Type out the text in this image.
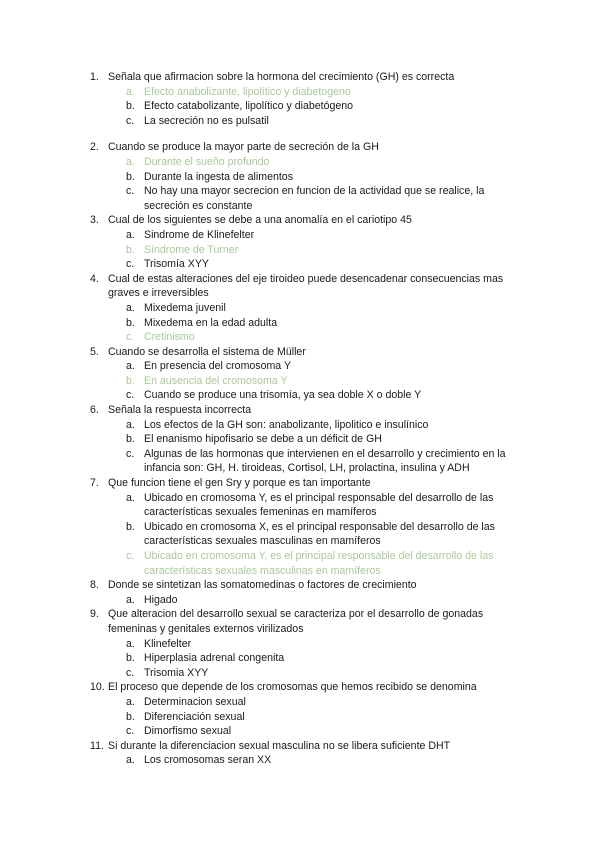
1. Señala que afirmacion sobre la hormona del crecimiento (GH) es correcta
a. Efecto anabolizante, lipolítico y diabetogeno
b. Efecto catabolizante, lipolítico y diabetógeno
c. La secreción no es pulsatil
2. Cuando se produce la mayor parte de secreción de la GH
a. Durante el sueño profundo
b. Durante la ingesta de alimentos
c. No hay una mayor secrecion en funcion de la actividad que se realice, la secreción es constante
3. Cual de los siguientes se debe a una anomalía en el cariotipo 45
a. Sindrome de Klinefelter
b. Síndrome de Turner
c. Trisomía XYY
4. Cual de estas alteraciones del eje tiroideo puede desencadenar consecuencias mas graves e irreversibles
a. Mixedema juvenil
b. Mixedema en la edad adulta
c. Cretinismo
5. Cuando se desarrolla el sistema de Müller
a. En presencia del cromosoma Y
b. En ausencia del cromosoma Y
c. Cuando se produce una trisomía, ya sea doble X o doble Y
6. Señala la respuesta incorrecta
a. Los efectos de la GH son: anabolizante, lipolitico e insulínico
b. El enanismo hipofisario se debe a un déficit de GH
c. Algunas de las hormonas que intervienen en el desarrollo y crecimiento en la infancia son: GH, H. tiroideas, Cortisol, LH, prolactina, insulina y ADH
7. Que funcion tiene el gen Sry y porque es tan importante
a. Ubicado en cromosoma Y, es el principal responsable del desarrollo de las características sexuales femeninas en mamíferos
b. Ubicado en cromosoma X, es el principal responsable del desarrollo de las características sexuales masculinas en mamíferos
c. Ubicado en cromosoma Y, es el principal responsable del desarrollo de las características sexuales masculinas en mamíferos
8. Donde se sintetizan las somatomedinas o factores de crecimiento
a. Higado
9. Que alteracion del desarrollo sexual se caracteriza por el desarrollo de gonadas femeninas y genitales externos virilizados
a. Klinefelter
b. Hiperplasia adrenal congenita
c. Trisomia XYY
10. El proceso que depende de los cromosomas que hemos recibido se denomina
a. Determinacion sexual
b. Diferenciación sexual
c. Dimorfismo sexual
11. Si durante la diferenciacion sexual masculina no se libera suficiente DHT
a. Los cromosomas seran XX
